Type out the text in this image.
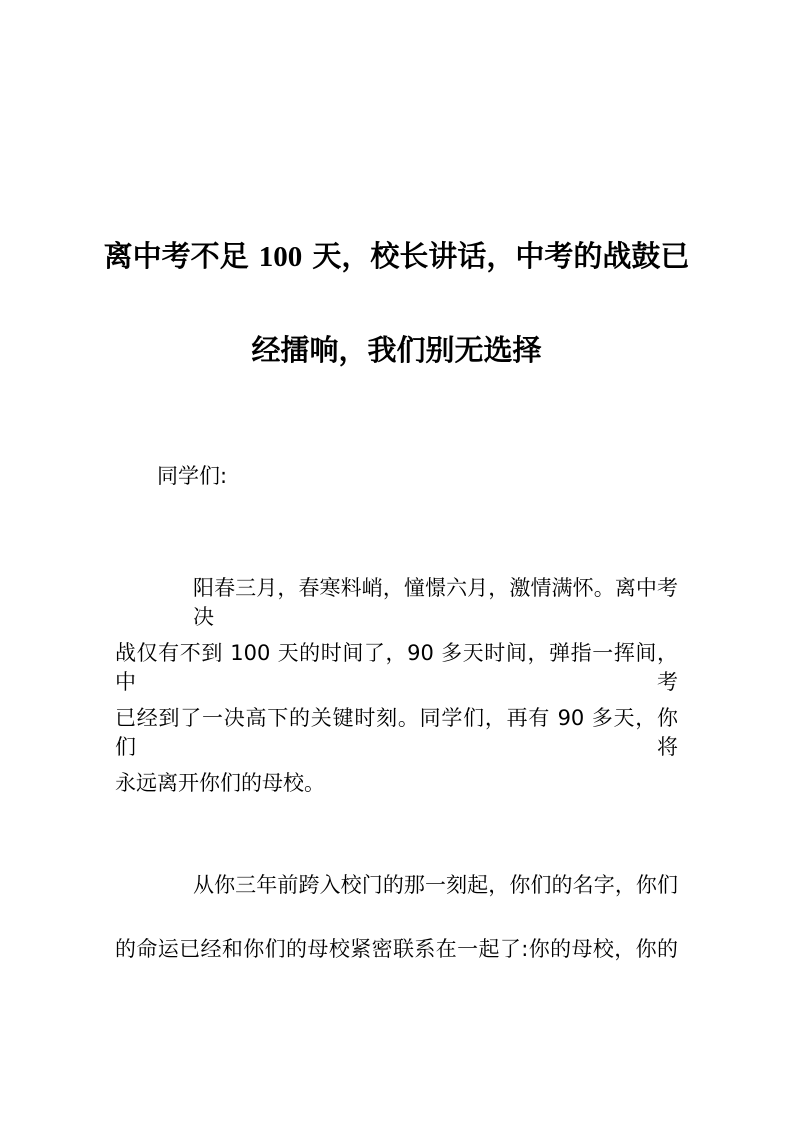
离中考不足 100 天，校长讲话，中考的战鼓已
经擂响，我们别无选择
同学们:
阳春三月，春寒料峭，憧憬六月，激情满怀。离中考决
战仅有不到 100 天的时间了，90 多天时间，弹指一挥间，中考
已经到了一决高下的关键时刻。同学们，再有 90 多天，你们将
永远离开你们的母校。
从你三年前跨入校门的那一刻起，你们的名字，你们
的命运已经和你们的母校紧密联系在一起了:你的母校，你的
